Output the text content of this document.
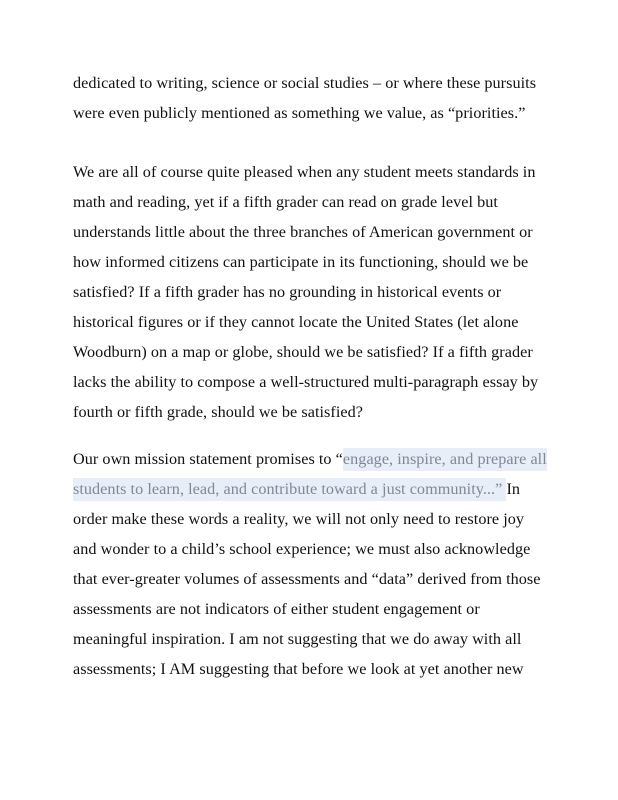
dedicated to writing, science or social studies – or where these pursuits
were even publicly mentioned as something we value, as “priorities.”
We are all of course quite pleased when any student meets standards in
math and reading, yet if a fifth grader can read on grade level but
understands little about the three branches of American government or
how informed citizens can participate in its functioning, should we be
satisfied? If a fifth grader has no grounding in historical events or
historical figures or if they cannot locate the United States (let alone
Woodburn) on a map or globe, should we be satisfied? If a fifth grader
lacks the ability to compose a well-structured multi-paragraph essay by
fourth or fifth grade, should we be satisfied?
Our own mission statement promises to “engage, inspire, and prepare all
students to learn, lead, and contribute toward a just community...” In
order make these words a reality, we will not only need to restore joy
and wonder to a child’s school experience; we must also acknowledge
that ever-greater volumes of assessments and “data” derived from those
assessments are not indicators of either student engagement or
meaningful inspiration. I am not suggesting that we do away with all
assessments; I AM suggesting that before we look at yet another new
